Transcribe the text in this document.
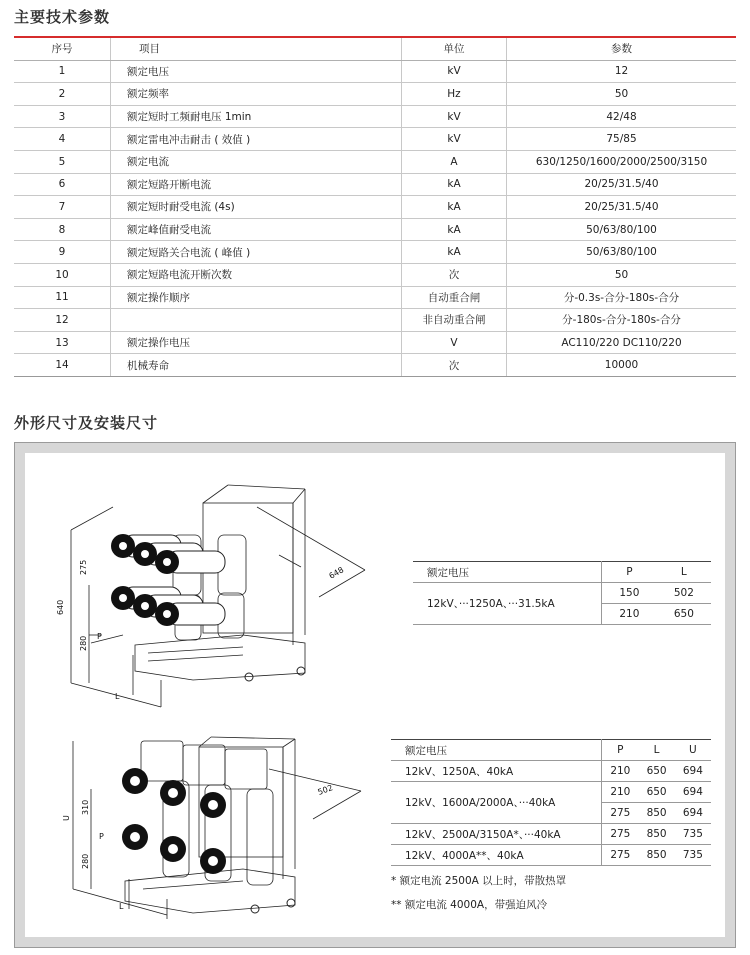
主要技术参数
序号	项目	单位	参数
1	额定电压	kV	12
2	额定频率	Hz	50
3	额定短时工频耐电压 1min	kV	42/48
4	额定雷电冲击耐击 ( 效值 )	kV	75/85
5	额定电流	A	630/1250/1600/2000/2500/3150
6	额定短路开断电流	kA	20/25/31.5/40
7	额定短时耐受电流 (4s)	kA	20/25/31.5/40
8	额定峰值耐受电流	kA	50/63/80/100
9	额定短路关合电流 ( 峰值 )	kA	50/63/80/100
10	额定短路电流开断次数	次	50
11	额定操作顺序	自动重合闸	分-0.3s-合分-180s-合分
12		非自动重合闸	分-180s-合分-180s-合分
13	额定操作电压	V	AC110/220 DC110/220
14	机械寿命	次	10000
外形尺寸及安装尺寸
640
275
280
648
P
L
U
310
280
502
P
L
额定电压	P	L
12kV、···1250A、···31.5kA	150	502
	210	650
额定电压	P	L	U
12kV、1250A、40kA	210	650	694
12kV、1600A/2000A、···40kA	210	650	694
	275	850	694
12kV、2500A/3150A*、···40kA	275	850	735
12kV、4000A**、40kA	275	850	735
* 额定电流 2500A 以上时，带散热罩
** 额定电流 4000A，带强迫风冷
